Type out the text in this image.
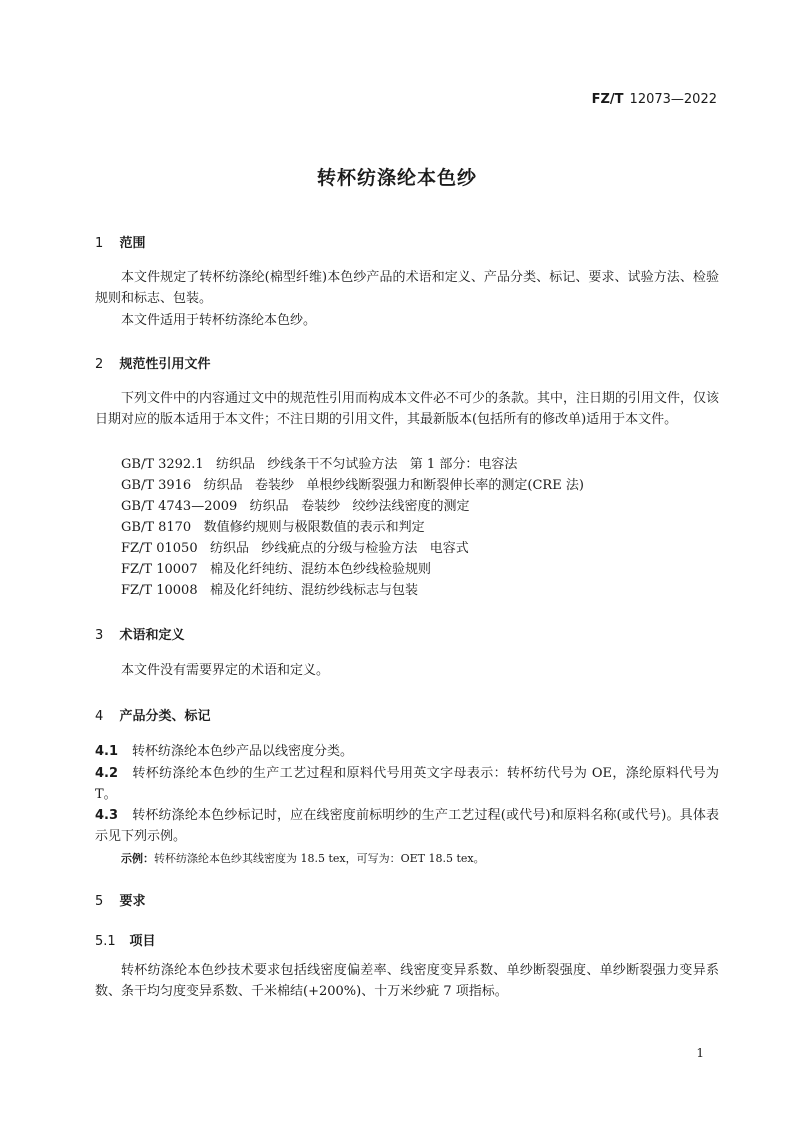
FZ/T 12073—2022
转杯纺涤纶本色纱
1 范围
本文件规定了转杯纺涤纶(棉型纤维)本色纱产品的术语和定义、产品分类、标记、要求、试验方法、检验规则和标志、包装。
本文件适用于转杯纺涤纶本色纱。
2 规范性引用文件
下列文件中的内容通过文中的规范性引用而构成本文件必不可少的条款。其中，注日期的引用文件，仅该日期对应的版本适用于本文件；不注日期的引用文件，其最新版本(包括所有的修改单)适用于本文件。
GB/T 3292.1   纺织品   纱线条干不匀试验方法   第 1 部分：电容法
GB/T 3916   纺织品   卷装纱   单根纱线断裂强力和断裂伸长率的测定(CRE 法)
GB/T 4743—2009   纺织品   卷装纱   绞纱法线密度的测定
GB/T 8170   数值修约规则与极限数值的表示和判定
FZ/T 01050   纺织品   纱线疵点的分级与检验方法   电容式
FZ/T 10007   棉及化纤纯纺、混纺本色纱线检验规则
FZ/T 10008   棉及化纤纯纺、混纺纱线标志与包装
3 术语和定义
本文件没有需要界定的术语和定义。
4 产品分类、标记
4.1 转杯纺涤纶本色纱产品以线密度分类。
4.2 转杯纺涤纶本色纱的生产工艺过程和原料代号用英文字母表示：转杯纺代号为 OE，涤纶原料代号为 T。
4.3 转杯纺涤纶本色纱标记时，应在线密度前标明纱的生产工艺过程(或代号)和原料名称(或代号)。具体表示见下列示例。
示例：转杯纺涤纶本色纱其线密度为 18.5 tex，可写为：OET 18.5 tex。
5 要求
5.1 项目
转杯纺涤纶本色纱技术要求包括线密度偏差率、线密度变异系数、单纱断裂强度、单纱断裂强力变异系数、条干均匀度变异系数、千米棉结(+200%)、十万米纱疵 7 项指标。
1
